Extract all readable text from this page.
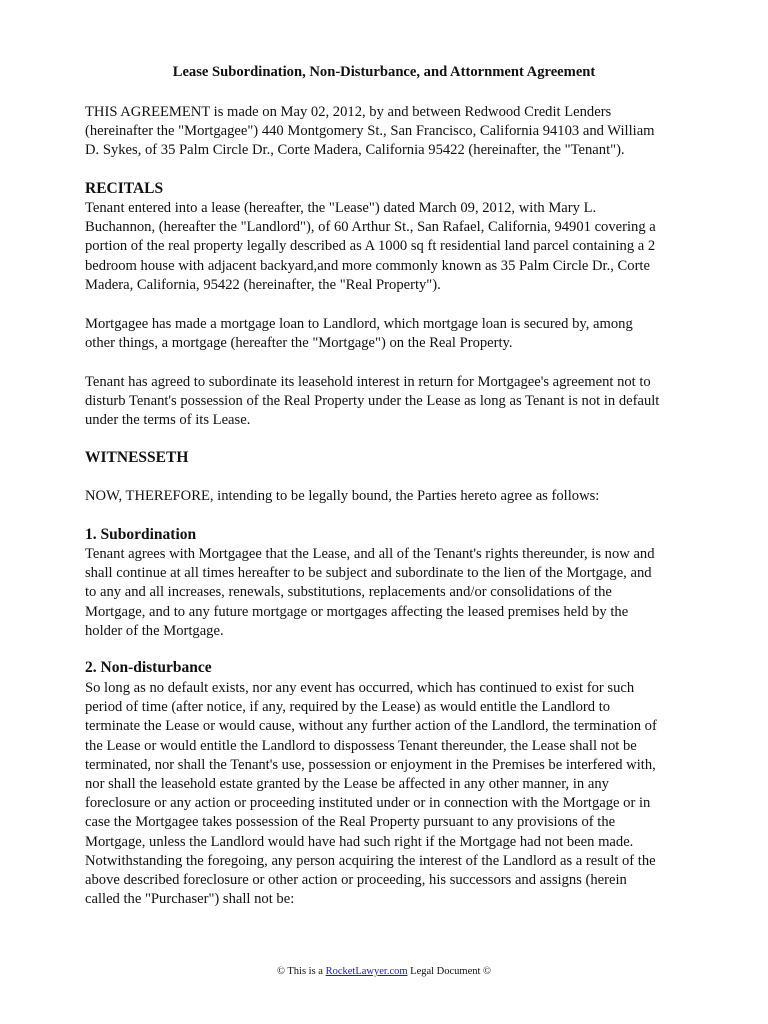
Lease Subordination, Non-Disturbance, and Attornment Agreement
THIS AGREEMENT is made on May 02, 2012, by and between Redwood Credit Lenders
(hereinafter the "Mortgagee") 440 Montgomery St., San Francisco, California 94103 and William
D. Sykes, of 35 Palm Circle Dr., Corte Madera, California 95422 (hereinafter, the "Tenant").
RECITALS
Tenant entered into a lease (hereafter, the "Lease") dated March 09, 2012, with Mary L.
Buchannon, (hereafter the "Landlord"), of 60 Arthur St., San Rafael, California, 94901 covering a
portion of the real property legally described as A 1000 sq ft residential land parcel containing a 2
bedroom house with adjacent backyard,and more commonly known as 35 Palm Circle Dr., Corte
Madera, California, 95422 (hereinafter, the "Real Property").
Mortgagee has made a mortgage loan to Landlord, which mortgage loan is secured by, among
other things, a mortgage (hereafter the "Mortgage") on the Real Property.
Tenant has agreed to subordinate its leasehold interest in return for Mortgagee's agreement not to
disturb Tenant's possession of the Real Property under the Lease as long as Tenant is not in default
under the terms of its Lease.
WITNESSETH
NOW, THEREFORE, intending to be legally bound, the Parties hereto agree as follows:
1. Subordination
Tenant agrees with Mortgagee that the Lease, and all of the Tenant's rights thereunder, is now and
shall continue at all times hereafter to be subject and subordinate to the lien of the Mortgage, and
to any and all increases, renewals, substitutions, replacements and/or consolidations of the
Mortgage, and to any future mortgage or mortgages affecting the leased premises held by the
holder of the Mortgage.
2. Non-disturbance
So long as no default exists, nor any event has occurred, which has continued to exist for such
period of time (after notice, if any, required by the Lease) as would entitle the Landlord to
terminate the Lease or would cause, without any further action of the Landlord, the termination of
the Lease or would entitle the Landlord to dispossess Tenant thereunder, the Lease shall not be
terminated, nor shall the Tenant's use, possession or enjoyment in the Premises be interfered with,
nor shall the leasehold estate granted by the Lease be affected in any other manner, in any
foreclosure or any action or proceeding instituted under or in connection with the Mortgage or in
case the Mortgagee takes possession of the Real Property pursuant to any provisions of the
Mortgage, unless the Landlord would have had such right if the Mortgage had not been made.
Notwithstanding the foregoing, any person acquiring the interest of the Landlord as a result of the
above described foreclosure or other action or proceeding, his successors and assigns (herein
called the "Purchaser") shall not be:
© This is a RocketLawyer.com Legal Document ©
